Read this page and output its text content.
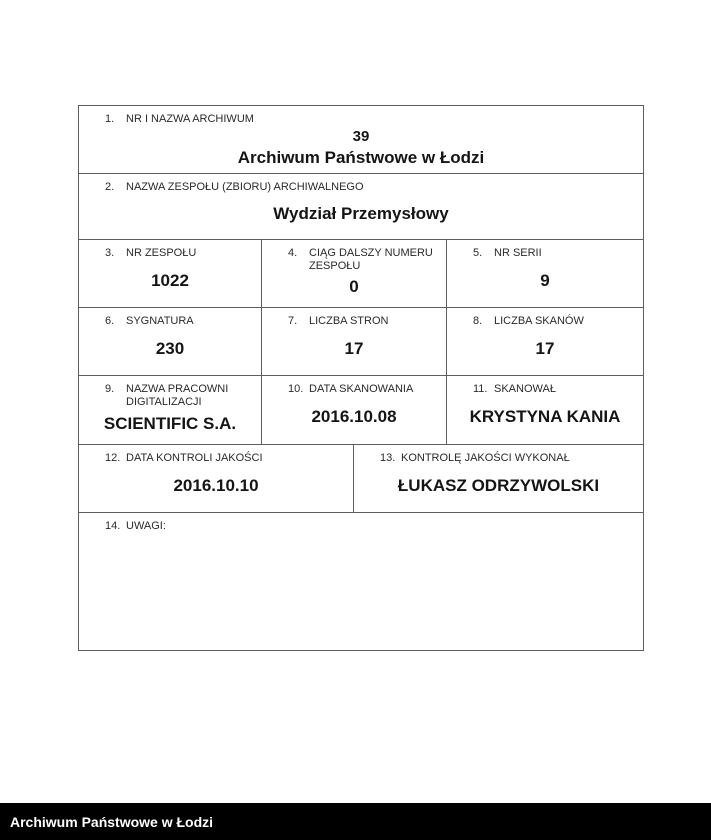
1.	NR I NAZWA ARCHIWUM
39
Archiwum Państwowe w Łodzi
2.	NAZWA ZESPOŁU (ZBIORU) ARCHIWALNEGO
Wydział Przemysłowy
3.	NR ZESPOŁU
1022
4.	CIĄG DALSZY NUMERU ZESPOŁU
0
5.	NR SERII
9
6.	SYGNATURA
230
7.	LICZBA STRON
17
8.	LICZBA SKANÓW
17
9.	NAZWA PRACOWNI DIGITALIZACJI
SCIENTIFIC S.A.
10. DATA SKANOWANIA
2016.10.08
11. SKANOWAŁ
KRYSTYNA KANIA
12. DATA KONTROLI JAKOŚCI
2016.10.10
13. KONTROLĘ JAKOŚCI WYKONAŁ
ŁUKASZ ODRZYWOLSKI
14. UWAGI:
Archiwum Państwowe w Łodzi
